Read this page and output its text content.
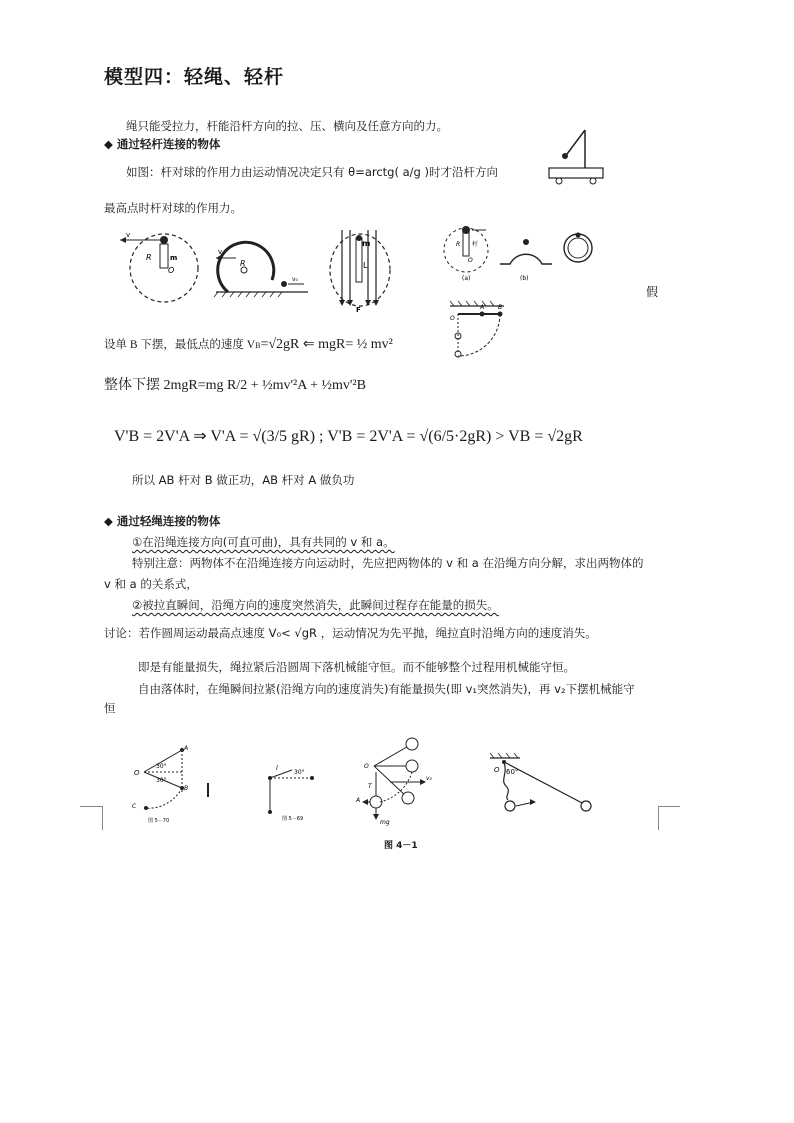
模型四：轻绳、轻杆
绳只能受拉力，杆能沿杆方向的拉、压、横向及任意方向的力。
◆ 通过轻杆连接的物体
如图：杆对球的作用力由运动情况决定只有 θ=arctg( a/g )时才沿杆方向
最高点时杆对球的作用力。
v
R
O
m
R
v
v₀
m
L
F
R
O
杆
(a)	(b)
假
A B
O
设单 B 下摆，最低点的速度 VB=√2gR ⇐ mgR= ½ mv²
整体下摆 2mgR=mg R/2 + ½mv'²A + ½mv'²B
V'B = 2V'A ⇒ V'A = √(3/5 gR) ; V'B = 2V'A = √(6/5·2gR) > VB = √2gR
所以 AB 杆对 B 做正功，AB 杆对 A 做负功
◆ 通过轻绳连接的物体
①在沿绳连接方向(可直可曲)，具有共同的 v 和 a。
特别注意：两物体不在沿绳连接方向运动时，先应把两物体的 v 和 a 在沿绳方向分解，求出两物体的
v 和 a 的关系式，
②被拉直瞬间，沿绳方向的速度突然消失，此瞬间过程存在能量的损失。
讨论：若作圆周运动最高点速度 V₀< √gR ，运动情况为先平抛，绳拉直时沿绳方向的速度消失。
即是有能量损失，绳拉紧后沿圆周下落机械能守恒。而不能够整个过程用机械能守恒。
自由落体时，在绳瞬间拉紧(沿绳方向的速度消失)有能量损失(即 v₁突然消失)，再 v₂下摆机械能守
恒
O
A
B
C
30°
30°
图 5－70
l
30°
图 5－69
T
mg
A
O
v₀
O 60°
图 4－1
